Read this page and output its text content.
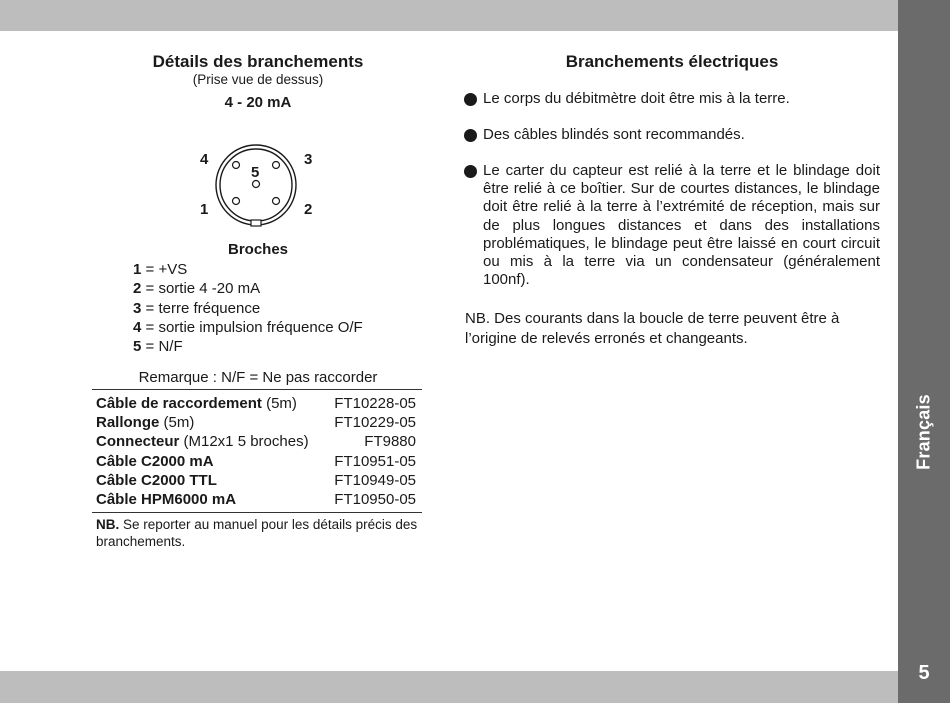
Français
5
Détails des branchements
(Prise vue de dessus)
4 - 20 mA
4
5
3
1	2
Broches
1 = +VS
2 = sortie 4 -20 mA
3 = terre fréquence
4 = sortie impulsion fréquence O/F
5 = N/F
Remarque : N/F = Ne pas raccorder
Câble de raccordement (5m) FT10228-05
Rallonge (5m)	FT10229-05
Connecteur (M12x1 5 broches)	FT9880
Câble C2000 mA	FT10951-05
Câble C2000 TTL	FT10949-05
Câble HPM6000 mA	FT10950-05
NB. Se reporter au manuel pour les détails précis des branchements.
Branchements électriques
Le corps du débitmètre doit être mis à la terre.
Des câbles blindés sont recommandés.
Le carter du capteur est relié à la terre et le blindage doit être relié à ce boîtier. Sur de courtes distances, le blindage doit être relié à la terre à l’extrémité de réception, mais sur de plus longues distances et dans des installations problématiques, le blindage peut être laissé en court circuit ou mis à la terre via un condensateur (généralement 100nf).
NB. Des courants dans la boucle de terre peuvent être à l’origine de relevés erronés et changeants.
